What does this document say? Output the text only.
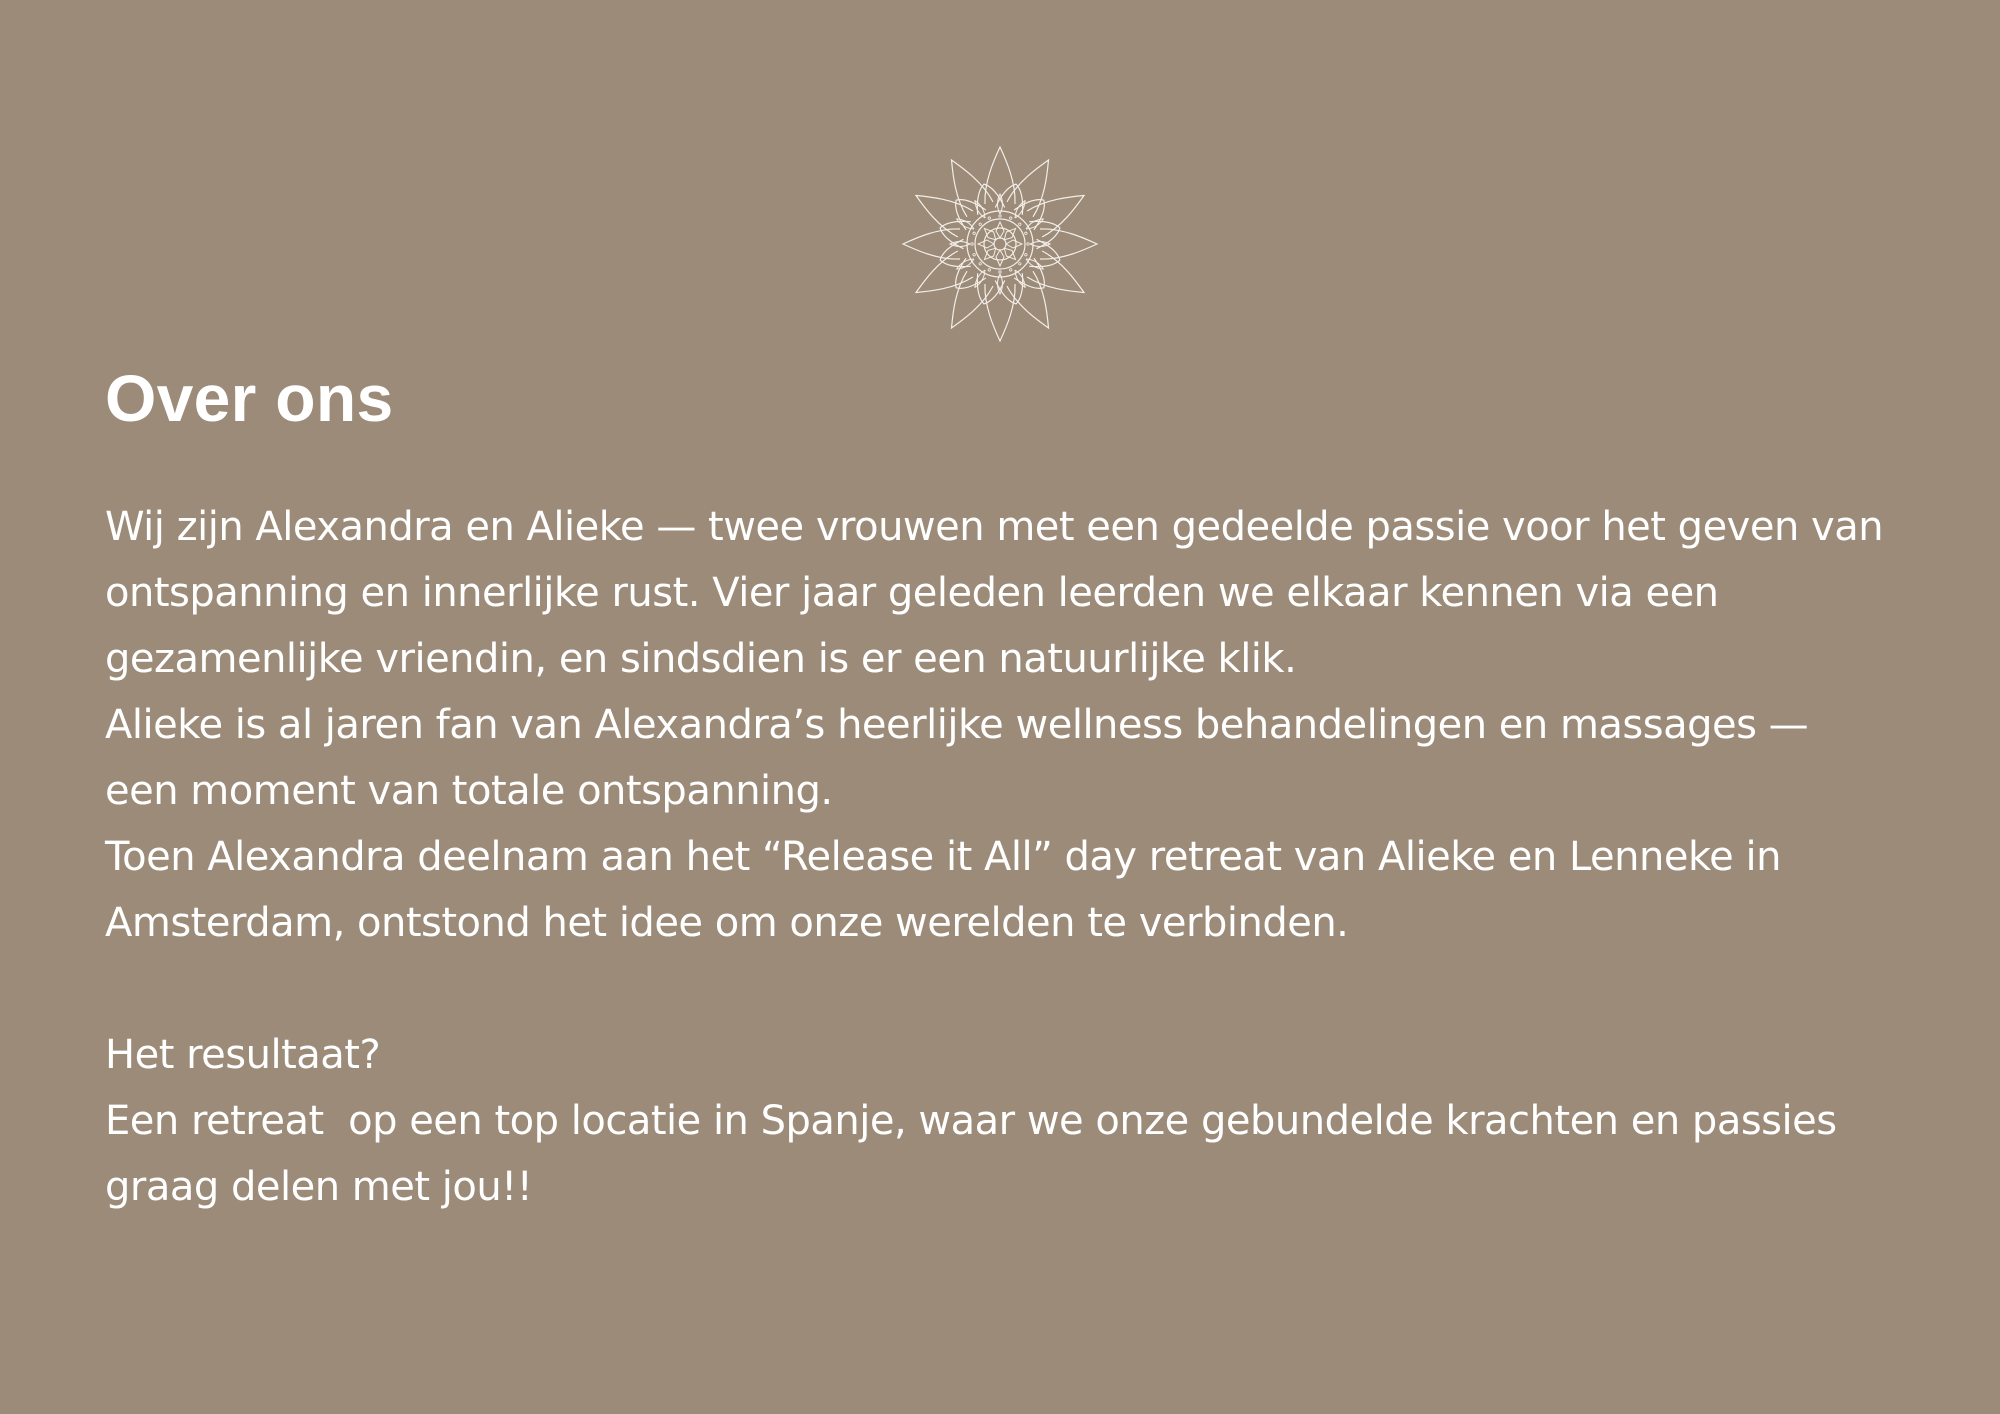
Over ons
Wij zijn Alexandra en Alieke — twee vrouwen met een gedeelde passie voor het geven van
ontspanning en innerlijke rust. Vier jaar geleden leerden we elkaar kennen via een
gezamenlijke vriendin, en sindsdien is er een natuurlijke klik.
Alieke is al jaren fan van Alexandra’s heerlijke wellness behandelingen en massages —
een moment van totale ontspanning.
Toen Alexandra deelnam aan het “Release it All” day retreat van Alieke en Lenneke in
Amsterdam, ontstond het idee om onze werelden te verbinden.
Het resultaat?
Een retreat  op een top locatie in Spanje, waar we onze gebundelde krachten en passies
graag delen met jou!!
